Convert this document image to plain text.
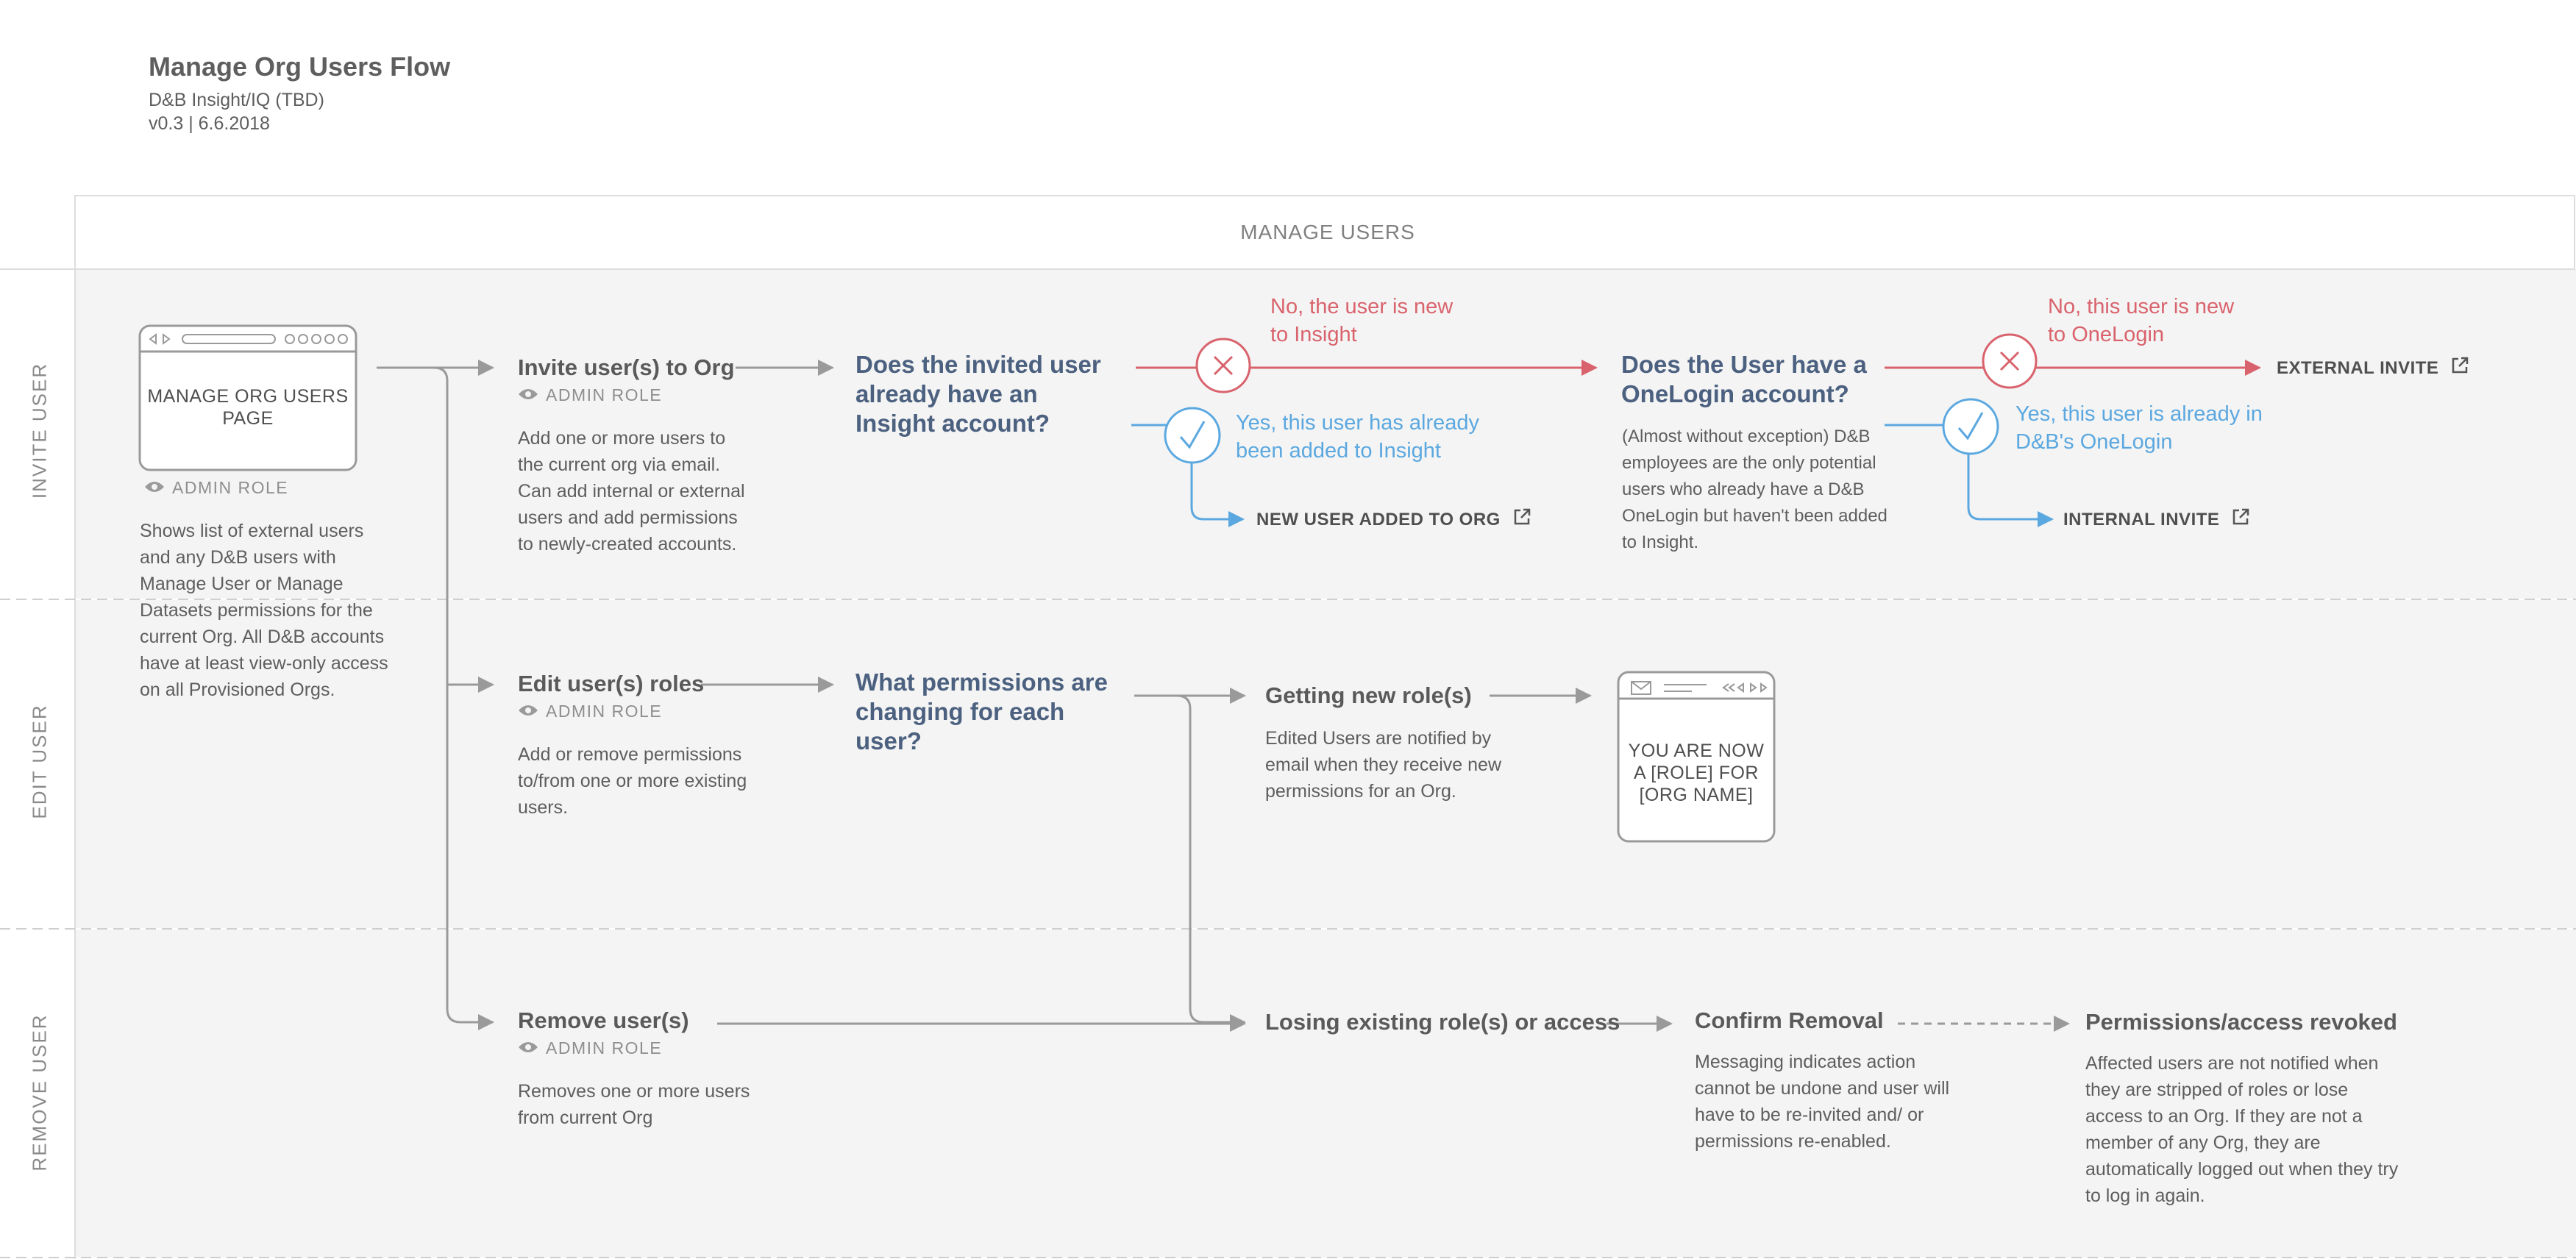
Manage Org Users Flow
D&B Insight/IQ (TBD)
v0.3 | 6.6.2018
MANAGE USERS
INVITE USER
EDIT USER
REMOVE USER
MANAGE ORG USERS PAGE
ADMIN ROLE
Shows list of external users and any D&B users with Manage User or Manage Datasets permissions for the current Org. All D&B accounts have at least view-only access on all Provisioned Orgs.
Invite user(s) to Org
ADMIN ROLE
Add one or more users to the current org via email. Can add internal or external users and add permissions to newly-created accounts.
Does the invited user already have an Insight account?
No, the user is new to Insight
Yes, this user has already been added to Insight
NEW USER ADDED TO ORG
Does the User have a OneLogin account?
(Almost without exception) D&B employees are the only potential users who already have a D&B OneLogin but haven't been added to Insight.
No, this user is new to OneLogin
Yes, this user is already in D&B's OneLogin
EXTERNAL INVITE
INTERNAL INVITE
Edit user(s) roles
ADMIN ROLE
Add or remove permissions to/from one or more existing users.
What permissions are changing for each user?
Getting new role(s)
Edited Users are notified by email when they receive new permissions for an Org.
YOU ARE NOW A [ROLE] FOR [ORG NAME]
Remove user(s)
ADMIN ROLE
Removes one or more users from current Org
Losing existing role(s) or access	Confirm Removal
Messaging indicates action cannot be undone and user will have to be re-invited and/ or permissions re-enabled.
Permissions/access revoked
Affected users are not notified when they are stripped of roles or lose access to an Org. If they are not a member of any Org, they are automatically logged out when they try to log in again.
